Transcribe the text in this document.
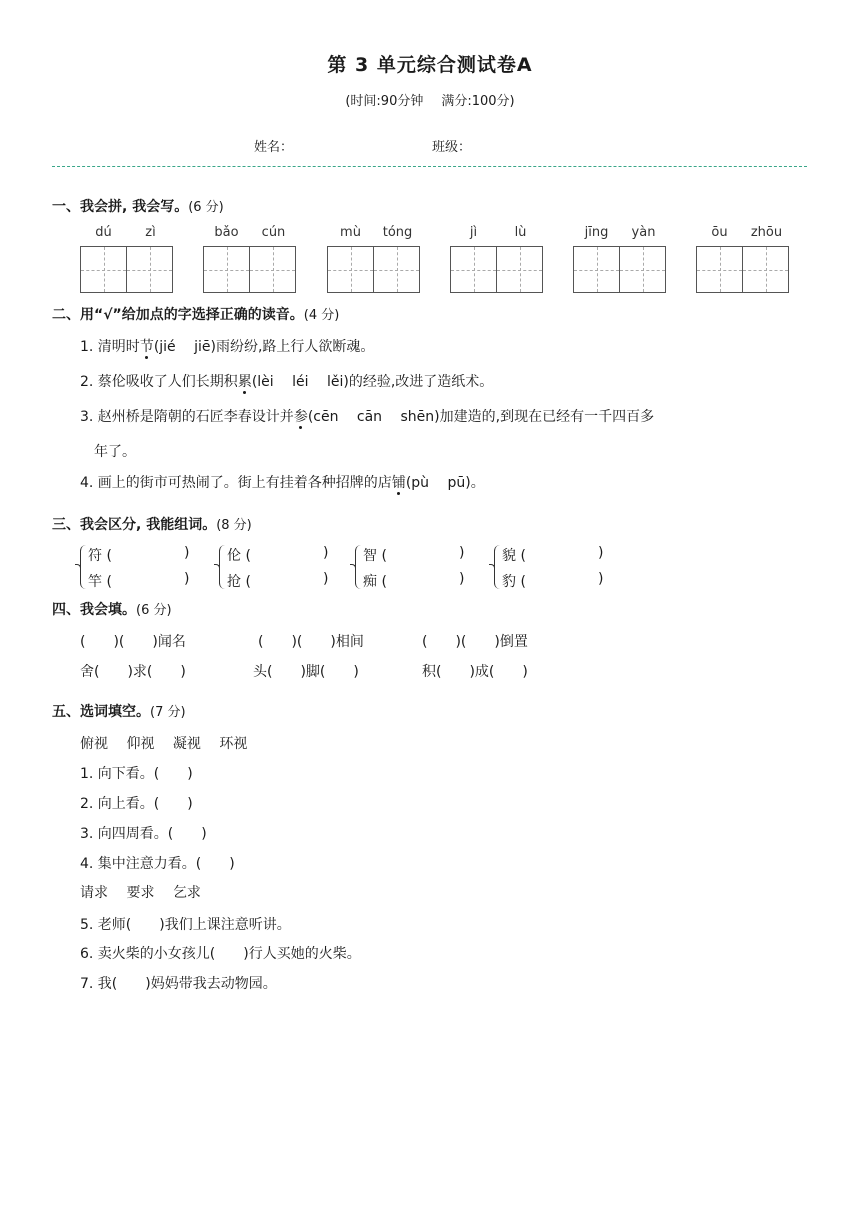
第 3 单元综合测试卷A
(时间:90分钟 满分:100分)
姓名：	班级：
一、我会拼, 我会写。(6 分)
dú	zì	bǎo	cún	mù	tóng	jì	lù	jīng	yàn	ōu	zhōu
二、用“√”给加点的字选择正确的读音。(4 分)
1. 清明时节(jié　 jiē)雨纷纷,路上行人欲断魂。
2. 蔡伦吸收了人们长期积累(lèi　 léi　 lěi)的经验,改进了造纸术。
3. 赵州桥是隋朝的石匠李春设计并参(cēn　 cān　 shēn)加建造的,到现在已经有一千四百多
年了。
4. 画上的街市可热闹了。街上有挂着各种招牌的店铺(pù　 pū)。
三、我会区分, 我能组词。(8 分)
符 (	)
竿 (	)
伦 (	)
抢 (	)
智 (	)
痴 (	)
貌 (	)
豹 (	)
四、我会填。(6 分)
(　　)(　　)闻名	(　　)(　　)相间	(　　)(　　)倒置
舍(　　)求(　　)	头(　　)脚(　　)	积(　　)成(　　)
五、选词填空。(7 分)
俯视　 仰视　 凝视　 环视
1. 向下看。(　　)
2. 向上看。(　　)
3. 向四周看。(　　)
4. 集中注意力看。(　　)
请求　 要求　 乞求
5. 老师(　　)我们上课注意听讲。
6. 卖火柴的小女孩儿(　　)行人买她的火柴。
7. 我(　　)妈妈带我去动物园。
